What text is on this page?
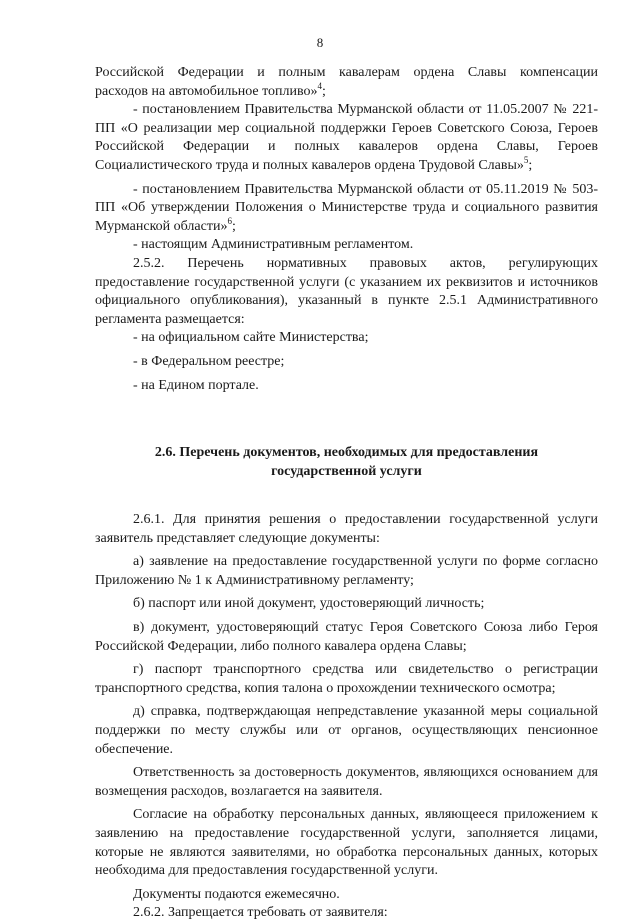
8

Российской Федерации и полным кавалерам ордена Славы компенсации

расходов на автомобильное топливо»$^4$;

- постановлением Правительства Мурманской области от 11.05.2007 № 221-ПП «О реализации мер социальной поддержки Героев Советского Союза, Героев Российской Федерации и полных кавалеров ордена Славы, Героев Социалистического труда и полных кавалеров ордена Трудовой Славы»$^5$;

- постановлением Правительства Мурманской области от 05.11.2019 № 503-ПП «Об утверждении Положения о Министерстве труда и социального развития Мурманской области»$^6$;

- настоящим Административным регламентом.

2.5.2. Перечень нормативных правовых актов, регулирующих предоставление государственной услуги (с указанием их реквизитов и источников официального опубликования), указанный в пункте 2.5.1 Административного регламента размещается:

- на официальном сайте Министерства;

- в Федеральном реестре;

- на Едином портале.

2.6. Перечень документов, необходимых для предоставления государственной услуги

2.6.1. Для принятия решения о предоставлении государственной услуги заявитель представляет следующие документы:

а) заявление на предоставление государственной услуги по форме согласно Приложению № 1 к Административному регламенту;

б) паспорт или иной документ, удостоверяющий личность;

в) документ, удостоверяющий статус Героя Советского Союза либо Героя Российской Федерации, либо полного кавалера ордена Славы;

г) паспорт транспортного средства или свидетельство о регистрации транспортного средства, копия талона о прохождении технического осмотра;

д) справка, подтверждающая непредставление указанной меры социальной поддержки по месту службы или от органов, осуществляющих пенсионное обеспечение.

Ответственность за достоверность документов, являющихся основанием для возмещения расходов, возлагается на заявителя.

Согласие на обработку персональных данных, являющееся приложением к заявлению на предоставление государственной услуги, заполняется лицами, которые не являются заявителями, но обработка персональных данных, которых необходима для предоставления государственной услуги.

Документы подаются ежемесячно.

2.6.2. Запрещается требовать от заявителя:
